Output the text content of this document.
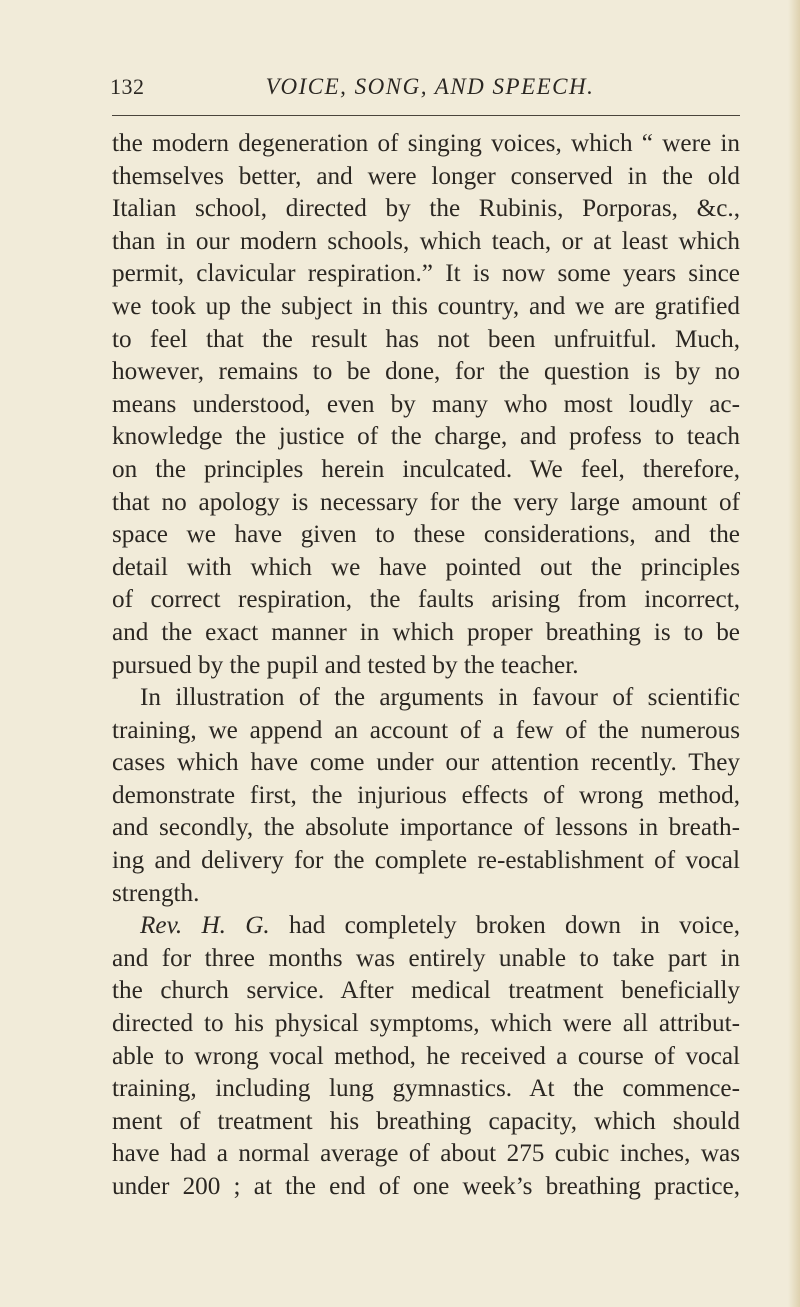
132	VOICE, SONG, AND SPEECH.
the modern degeneration of singing voices, which “ were in
themselves better, and were longer conserved in the old
Italian school, directed by the Rubinis, Porporas, &c.,
than in our modern schools, which teach, or at least which
permit, clavicular respiration.” It is now some years since
we took up the subject in this country, and we are gratified
to feel that the result has not been unfruitful. Much,
however, remains to be done, for the question is by no
means understood, even by many who most loudly ac-
knowledge the justice of the charge, and profess to teach
on the principles herein inculcated. We feel, therefore,
that no apology is necessary for the very large amount of
space we have given to these considerations, and the
detail with which we have pointed out the principles
of correct respiration, the faults arising from incorrect,
and the exact manner in which proper breathing is to be
pursued by the pupil and tested by the teacher.
In illustration of the arguments in favour of scientific
training, we append an account of a few of the numerous
cases which have come under our attention recently. They
demonstrate first, the injurious effects of wrong method,
and secondly, the absolute importance of lessons in breath-
ing and delivery for the complete re-establishment of vocal
strength.
Rev. H. G. had completely broken down in voice,
and for three months was entirely unable to take part in
the church service. After medical treatment beneficially
directed to his physical symptoms, which were all attribut-
able to wrong vocal method, he received a course of vocal
training, including lung gymnastics. At the commence-
ment of treatment his breathing capacity, which should
have had a normal average of about 275 cubic inches, was
under 200 ; at the end of one week’s breathing practice,
